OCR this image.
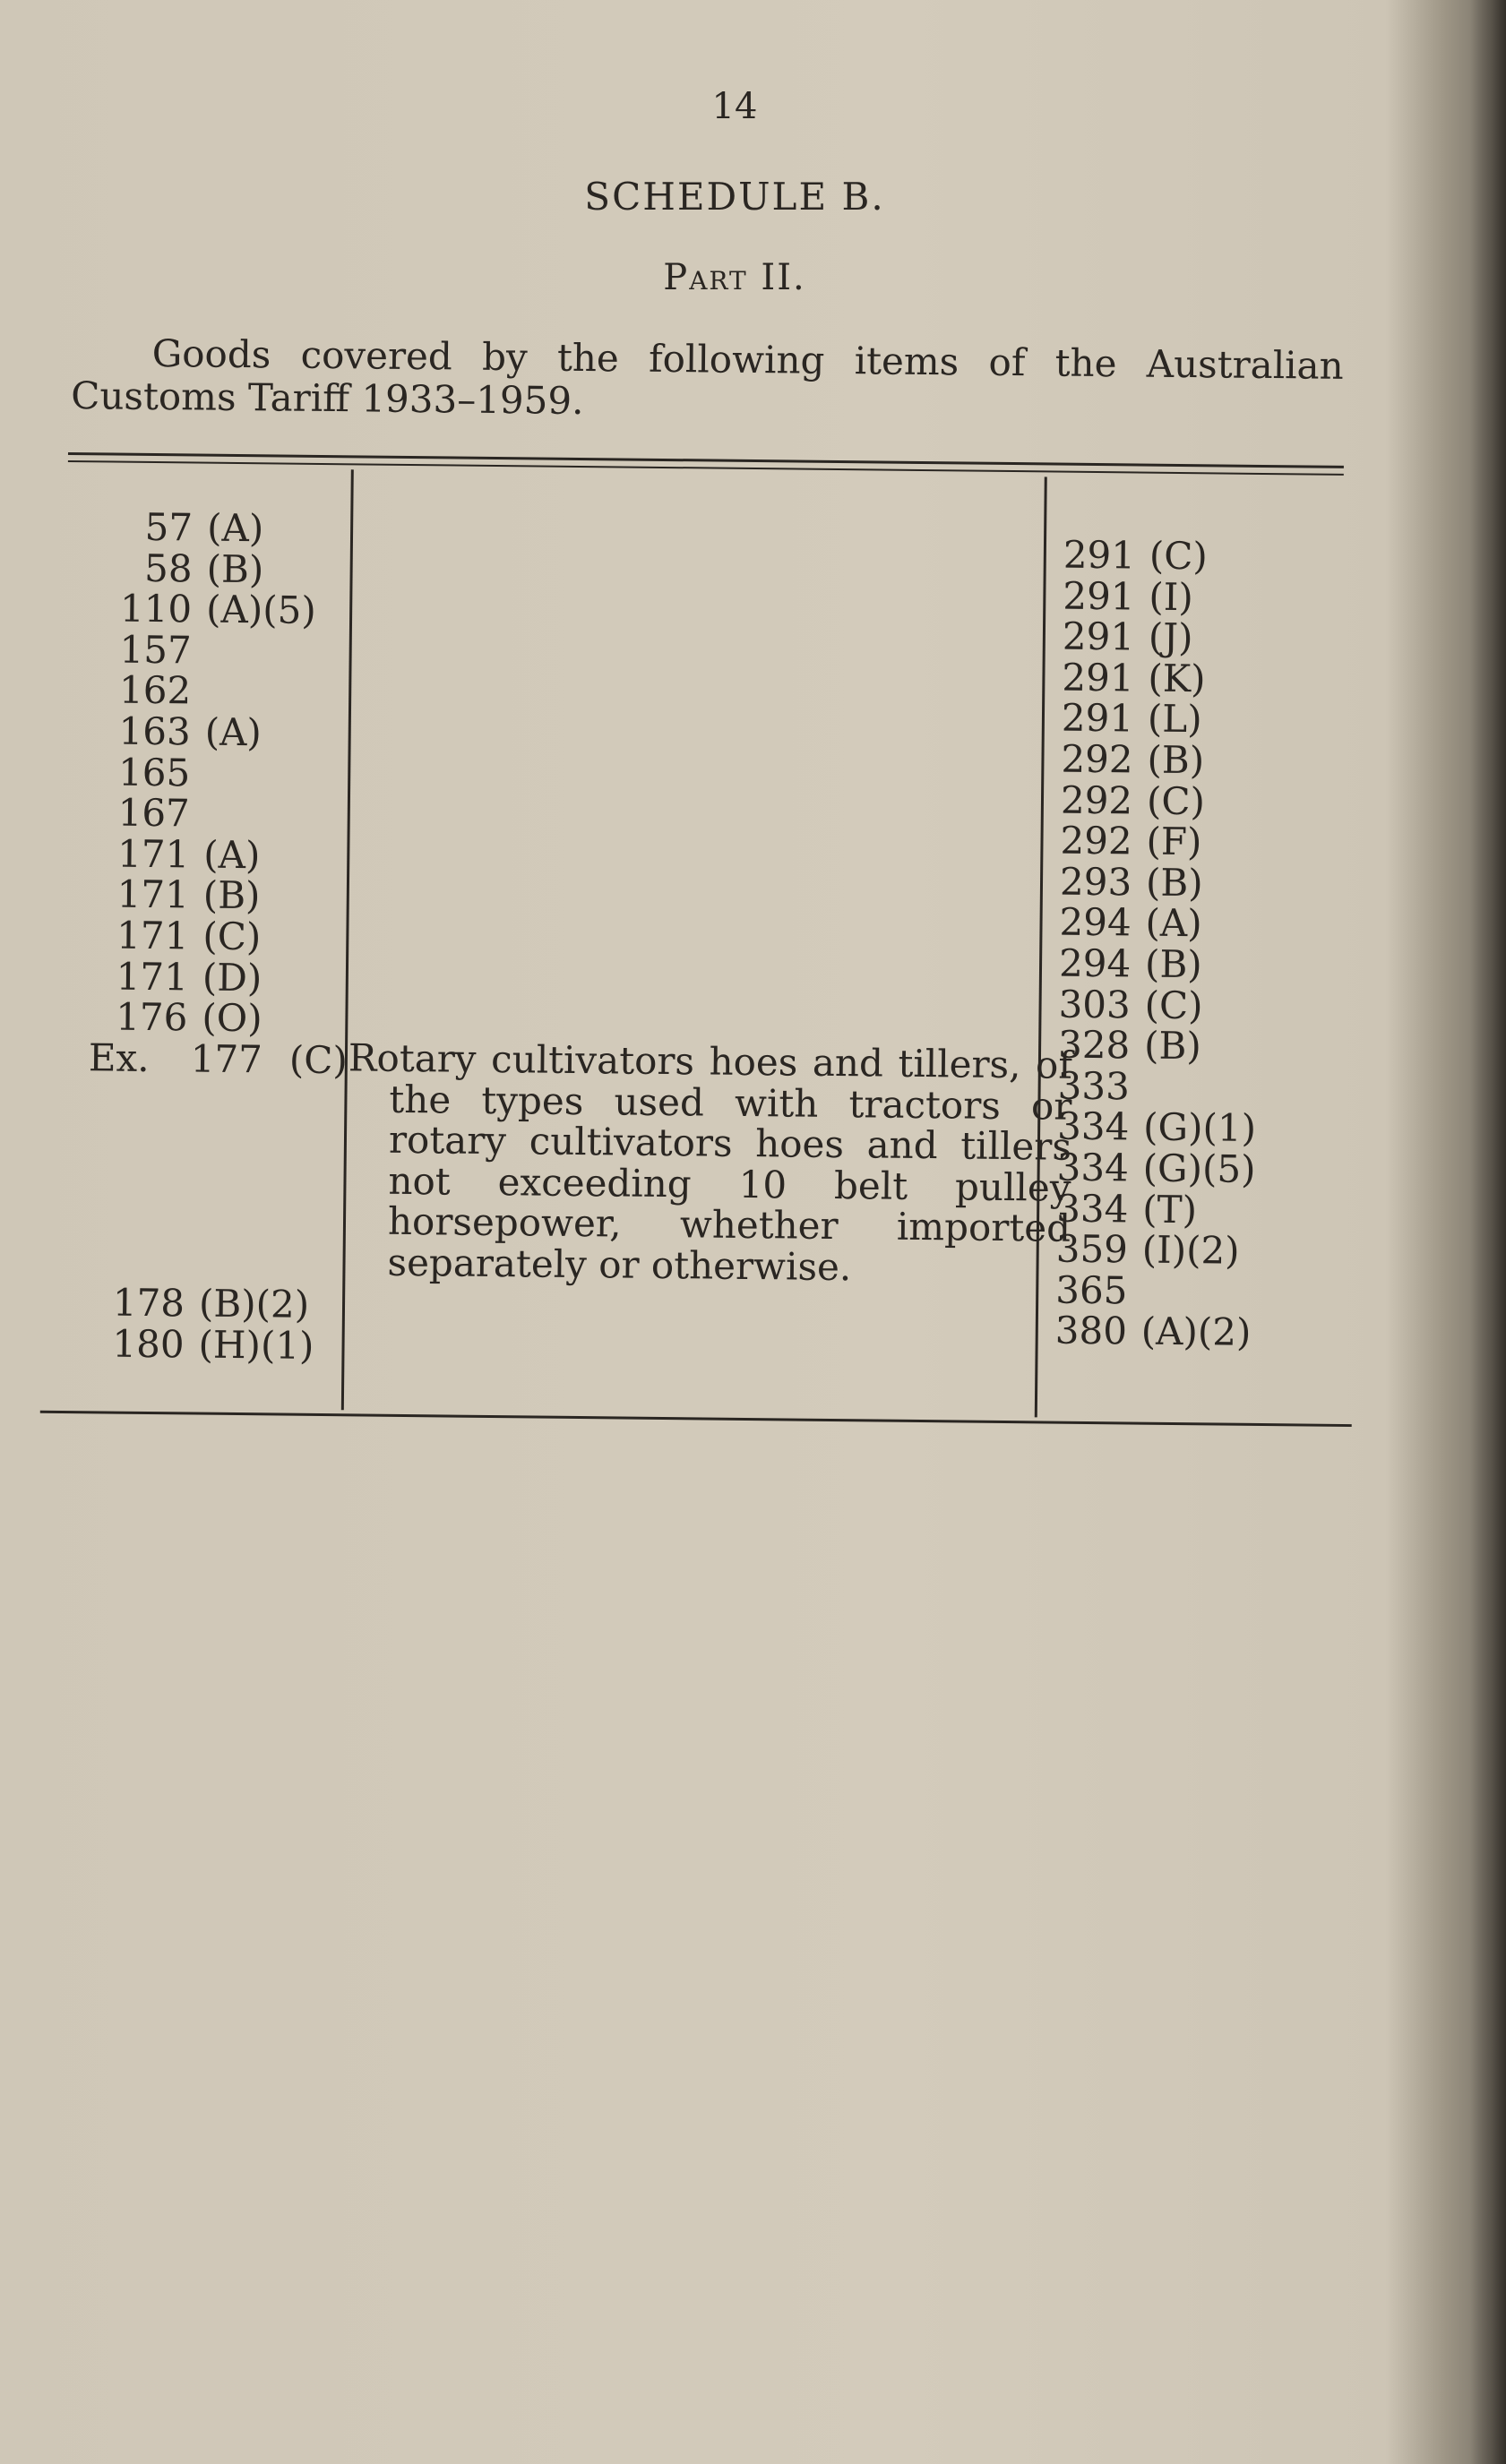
14
SCHEDULE B.
Part II.
Goods covered by the following items of the Australian Customs Tariff 1933–1959.
57 (A)
58 (B)
110 (A)(5)
157
162
163 (A)
165
167
171 (A)
171 (B)
171 (C)
171 (D)
176 (O)
Ex.	177 (C)
178 (B)(2)
180 (H)(1)
Rotary cultivators hoes and tillers, of the types used with tractors or rotary cultivators hoes and tillers not exceeding 10 belt pulley horsepower, whether imported separately or otherwise.
291 (C)
291 (I)
291 (J)
291 (K)
291 (L)
292 (B)
292 (C)
292 (F)
293 (B)
294 (A)
294 (B)
303 (C)
328 (B)
333
334 (G)(1)
334 (G)(5)
334 (T)
359 (I)(2)
365
380 (A)(2)
